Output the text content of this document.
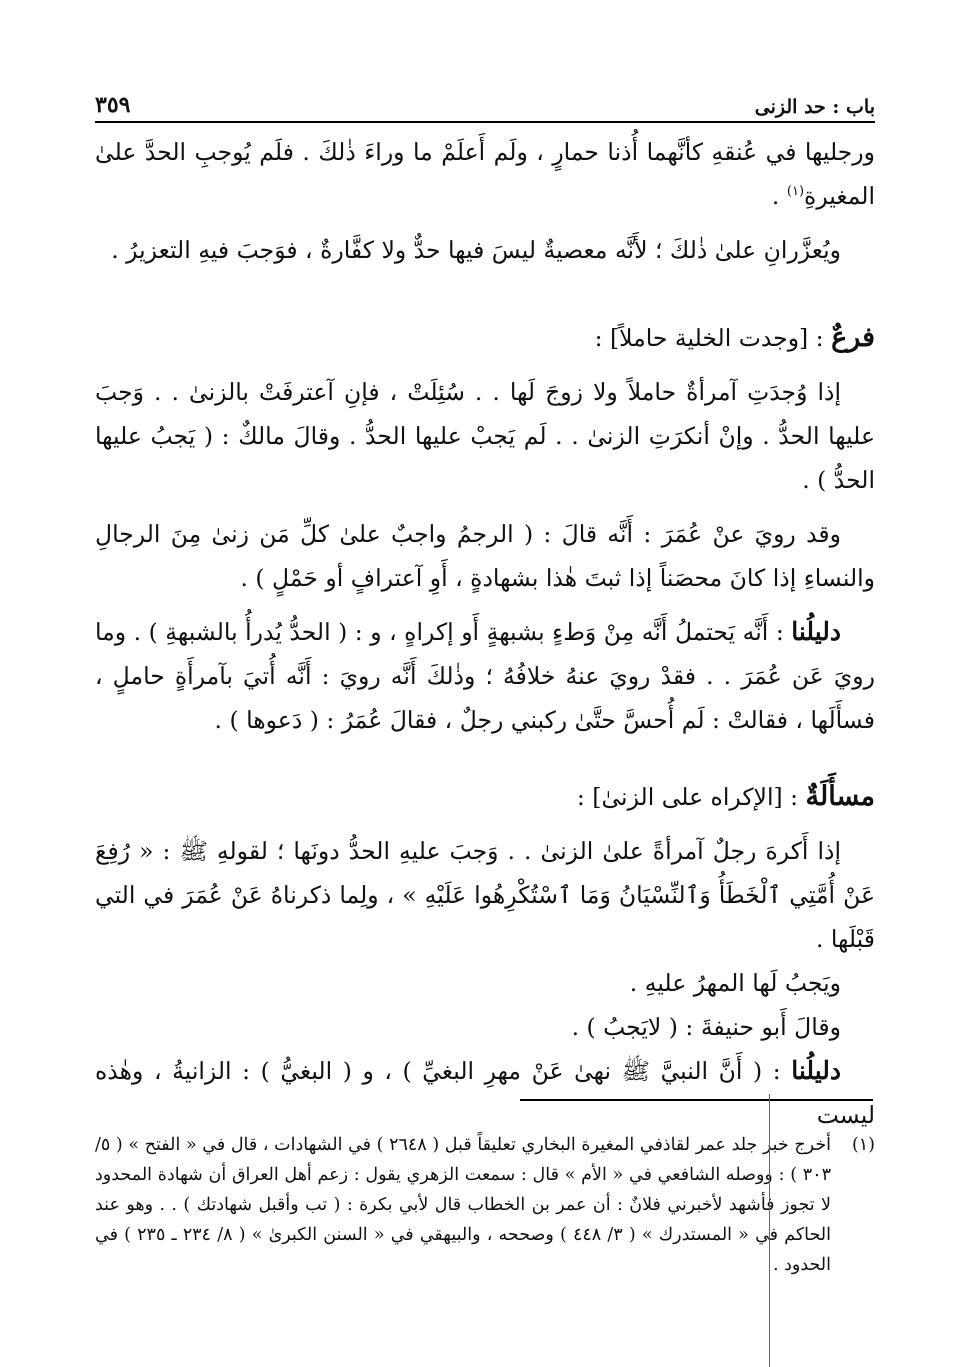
باب : حد الزنى
٣٥٩

ورجليها في عُنقهِ كأنَّهما أُذنا حمارٍ ، ولَم أَعلَمْ ما وراءَ ذٰلكَ . فلَم يُوجبِ الحدَّ علىٰ المغيرةِ$^{(١)}$ .

ويُعزَّرانِ علىٰ ذٰلكَ ؛ لأَنَّه معصيةٌ ليسَ فيها حدٌّ ولا كفَّارةٌ ، فوَجبَ فيهِ التعزيرُ .

فرعٌ : [وجدت الخلية حاملاً] :

إذا وُجدَتِ آمرأةٌ حاملاً ولا زوجَ لَها . . سُئِلَتْ ، فإنِ آعترفَتْ بالزنىٰ . . وَجبَ عليها الحدُّ . وإنْ أنكرَتِ الزنىٰ . . لَم يَجبْ عليها الحدُّ . وقالَ مالكٌ : ( يَجبُ عليها الحدُّ ) .

وقد رويَ عنْ عُمَرَ : أَنَّه قالَ : ( الرجمُ واجبٌ علىٰ كلِّ مَن زنىٰ مِنَ الرجالِ والنساءِ إذا كانَ محصَناً إذا ثبتَ هٰذا بشهادةٍ ، أَوِ آعترافٍ أو حَمْلٍ ) .

دليلُنا : أَنَّه يَحتملُ أَنَّه مِنْ وَطءٍ بشبهةٍ أَو إكراهٍ ، و : ( الحدُّ يُدرأُ بالشبهةِ ) . وما رويَ عَن عُمَرَ . . فقدْ رويَ عنهُ خلافُهُ ؛ وذٰلكَ أَنَّه رويَ : أَنَّه أُتيَ بآمرأَةٍ حاملٍ ، فسأَلَها ، فقالتْ : لَم أُحسَّ حتَّىٰ ركبني رجلٌ ، فقالَ عُمَرُ : ( دَعوها ) .

مسأَلَةٌ : [الإكراه على الزنىٰ] :

إذا أَكرهَ رجلٌ آمرأةً علىٰ الزنىٰ . . وَجبَ عليهِ الحدُّ دونَها ؛ لقولهِ ﷺ : « رُفِعَ عَنْ أُمَّتِي ٱلْخَطَأُ وَٱلنِّسْيَانُ وَمَا ٱسْتُكْرِهُوا عَلَيْهِ » ، ولِما ذكرناهُ عَنْ عُمَرَ في التي قَبْلَها .

ويَجبُ لَها المهرُ عليهِ .

وقالَ أَبو حنيفةَ : ( لايَجبُ ) .

دليلُنا : ( أَنَّ النبيَّ ﷺ نهىٰ عَنْ مهرِ البغيِّ ) ، و ( البغيُّ ) : الزانيةُ ، وهٰذه ليست

(١)
أخرج خبر جلد عمر لقاذفي المغيرة البخاري تعليقاً قبل ( ٢٦٤٨ ) في الشهادات ، قال في « الفتح » ( ٥/ ٣٠٣ ) : ووصله الشافعي في « الأم » قال : سمعت الزهري يقول : زعم أهل العراق أن شهادة المحدود لا تجوز فأشهد لأخبرني فلانٌ : أن عمر بن الخطاب قال لأبي بكرة : ( تب وأقبل شهادتك ) . . وهو عند الحاكم في « المستدرك » ( ٣/ ٤٤٨ ) وصححه ، والبيهقي في « السنن الكبرىٰ » ( ٨/ ٢٣٤ ـ ٢٣٥ ) في الحدود .
